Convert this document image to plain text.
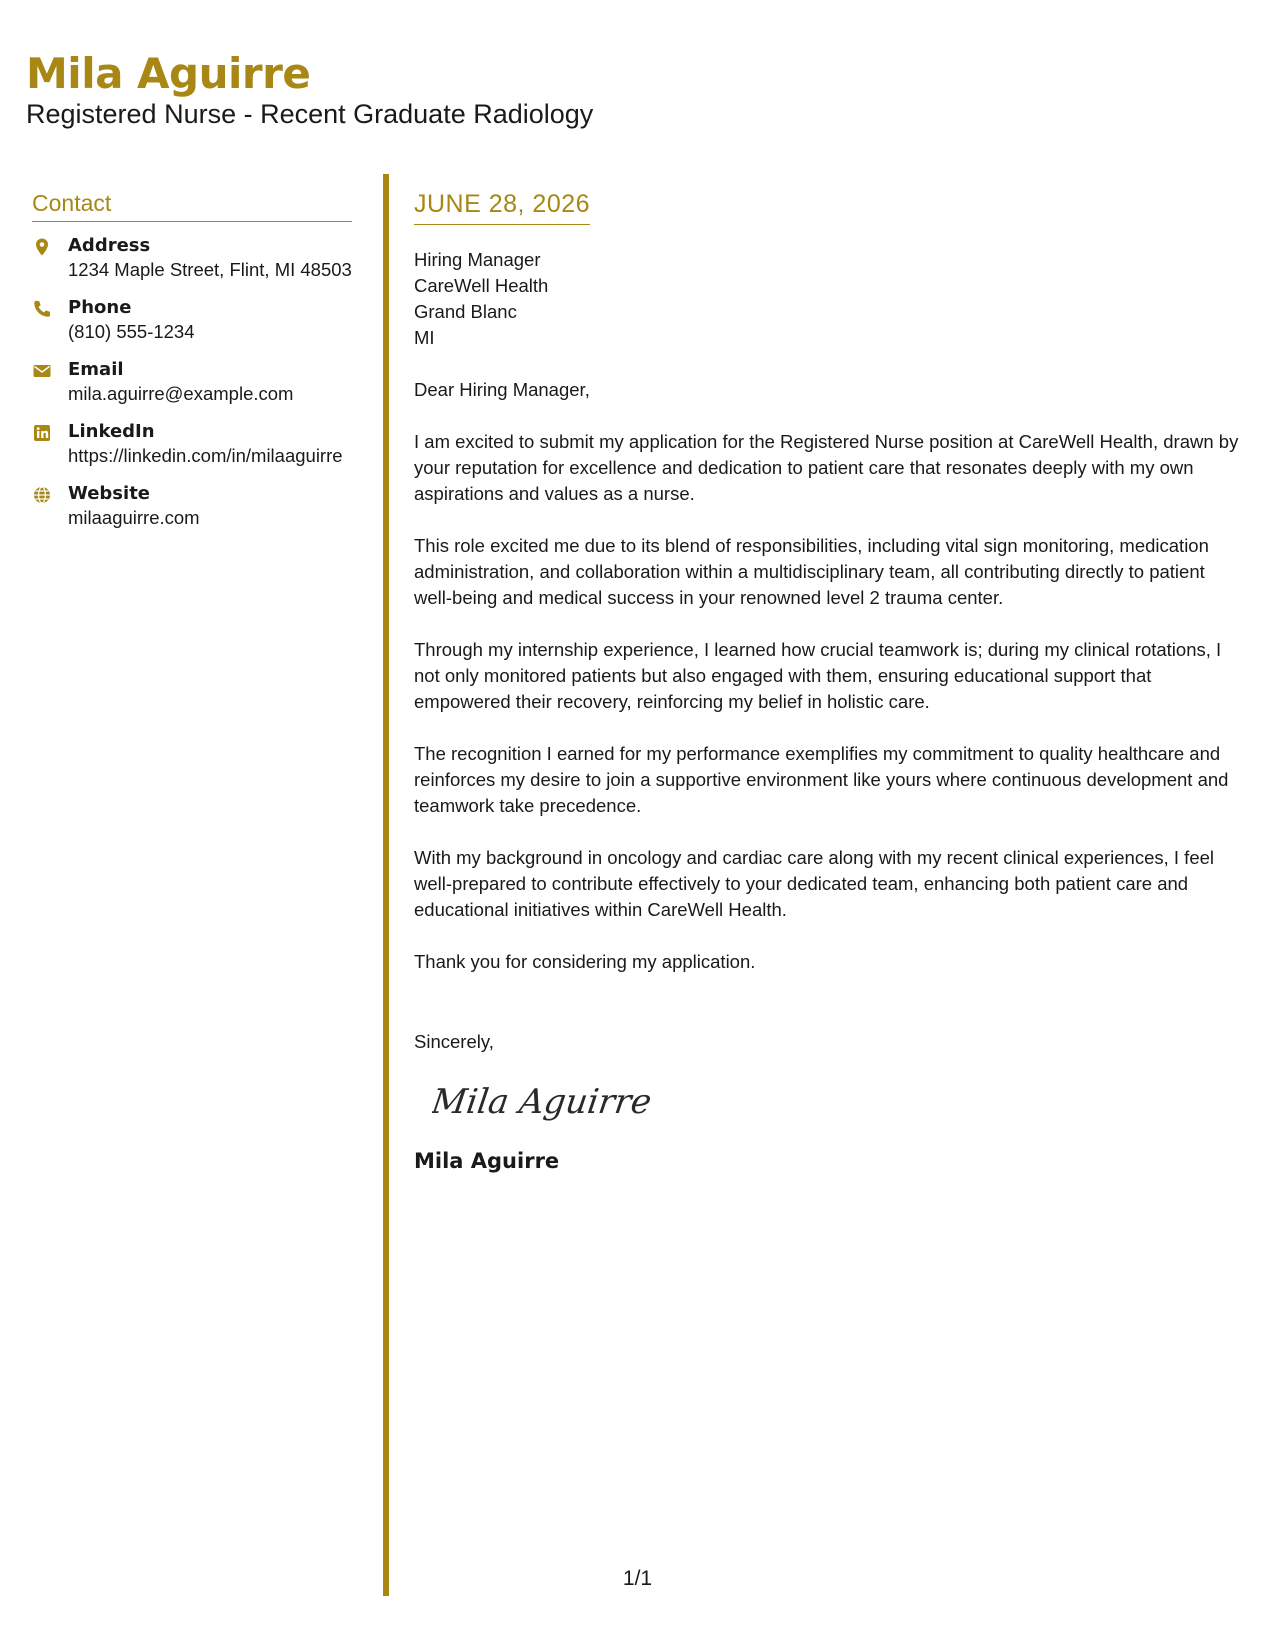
Mila Aguirre
Registered Nurse - Recent Graduate Radiology
Contact
Address
1234 Maple Street, Flint, MI 48503
Phone
(810) 555-1234
Email
mila.aguirre@example.com
LinkedIn
https://linkedin.com/in/milaaguirre
Website
milaaguirre.com
JUNE 28, 2026
Hiring Manager
CareWell Health
Grand Blanc
MI
Dear Hiring Manager,
I am excited to submit my application for the Registered Nurse position at CareWell Health, drawn by your reputation for excellence and dedication to patient care that resonates deeply with my own aspirations and values as a nurse.
This role excited me due to its blend of responsibilities, including vital sign monitoring, medication administration, and collaboration within a multidisciplinary team, all contributing directly to patient well-being and medical success in your renowned level 2 trauma center.
Through my internship experience, I learned how crucial teamwork is; during my clinical rotations, I not only monitored patients but also engaged with them, ensuring educational support that empowered their recovery, reinforcing my belief in holistic care.
The recognition I earned for my performance exemplifies my commitment to quality healthcare and reinforces my desire to join a supportive environment like yours where continuous development and teamwork take precedence.
With my background in oncology and cardiac care along with my recent clinical experiences, I feel well-prepared to contribute effectively to your dedicated team, enhancing both patient care and educational initiatives within CareWell Health.
Thank you for considering my application.
Sincerely,
Mila Aguirre
Mila Aguirre
1/1
